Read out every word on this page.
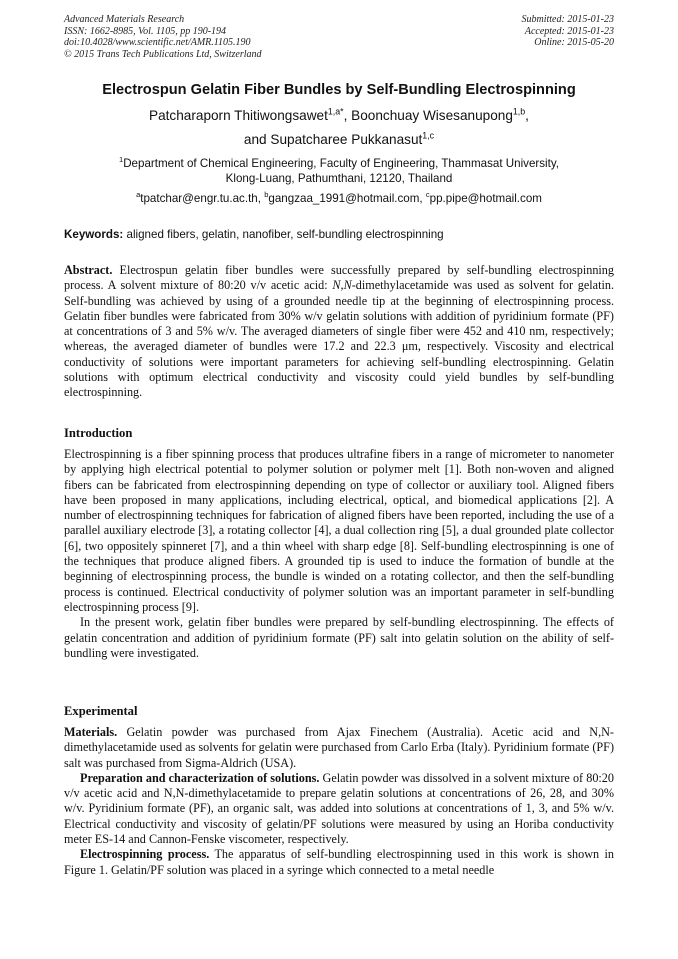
Advanced Materials Research
ISSN: 1662-8985, Vol. 1105, pp 190-194
doi:10.4028/www.scientific.net/AMR.1105.190
© 2015 Trans Tech Publications Ltd, Switzerland
Submitted: 2015-01-23
Accepted: 2015-01-23
Online: 2015-05-20
Electrospun Gelatin Fiber Bundles by Self-Bundling Electrospinning
Patcharaporn Thitiwongsawet$^{1,a*}$, Boonchuay Wisesanupong$^{1,b}$,
and Supatcharee Pukkanasut$^{1,c}$
$^1$Department of Chemical Engineering, Faculty of Engineering, Thammasat University,
Klong-Luang, Pathumthani, 12120, Thailand
$^a$tpatchar@engr.tu.ac.th, $^b$gangzaa_1991@hotmail.com, $^c$pp.pipe@hotmail.com
Keywords: aligned fibers, gelatin, nanofiber, self-bundling electrospinning

Abstract. Electrospun gelatin fiber bundles were successfully prepared by self-bundling electrospinning process. A solvent mixture of 80:20 v/v acetic acid: N,N-dimethylacetamide was used as solvent for gelatin. Self-bundling was achieved by using of a grounded needle tip at the beginning of electrospinning process. Gelatin fiber bundles were fabricated from 30% w/v gelatin solutions with addition of pyridinium formate (PF) at concentrations of 3 and 5% w/v. The averaged diameters of single fiber were 452 and 410 nm, respectively; whereas, the averaged diameter of bundles were 17.2 and 22.3 μm, respectively. Viscosity and electrical conductivity of solutions were important parameters for achieving self-bundling electrospinning. Gelatin solutions with optimum electrical conductivity and viscosity could yield bundles by self-bundling electrospinning.

Introduction

Electrospinning is a fiber spinning process that produces ultrafine fibers in a range of micrometer to nanometer by applying high electrical potential to polymer solution or polymer melt [1]. Both non-woven and aligned fibers can be fabricated from electrospinning depending on type of collector or auxiliary tool. Aligned fibers have been proposed in many applications, including electrical, optical, and biomedical applications [2]. A number of electrospinning techniques for fabrication of aligned fibers have been reported, including the use of a parallel auxiliary electrode [3], a rotating collector [4], a dual collection ring [5], a dual grounded plate collector [6], two oppositely spinneret [7], and a thin wheel with sharp edge [8]. Self-bundling electrospinning is one of the techniques that produce aligned fibers. A grounded tip is used to induce the formation of bundle at the beginning of electrospinning process, the bundle is winded on a rotating collector, and then the self-bundling process is continued. Electrical conductivity of polymer solution was an important parameter in self-bundling electrospinning process [9].

In the present work, gelatin fiber bundles were prepared by self-bundling electrospinning. The effects of gelatin concentration and addition of pyridinium formate (PF) salt into gelatin solution on the ability of self-bundling were investigated.

Experimental

Materials. Gelatin powder was purchased from Ajax Finechem (Australia). Acetic acid and N,N-dimethylacetamide used as solvents for gelatin were purchased from Carlo Erba (Italy). Pyridinium formate (PF) salt was purchased from Sigma-Aldrich (USA).

Preparation and characterization of solutions. Gelatin powder was dissolved in a solvent mixture of 80:20 v/v acetic acid and N,N-dimethylacetamide to prepare gelatin solutions at concentrations of 26, 28, and 30% w/v. Pyridinium formate (PF), an organic salt, was added into solutions at concentrations of 1, 3, and 5% w/v. Electrical conductivity and viscosity of gelatin/PF solutions were measured by using an Horiba conductivity meter ES-14 and Cannon-Fenske viscometer, respectively.

Electrospinning process. The apparatus of self-bundling electrospinning used in this work is shown in Figure 1. Gelatin/PF solution was placed in a syringe which connected to a metal needle
